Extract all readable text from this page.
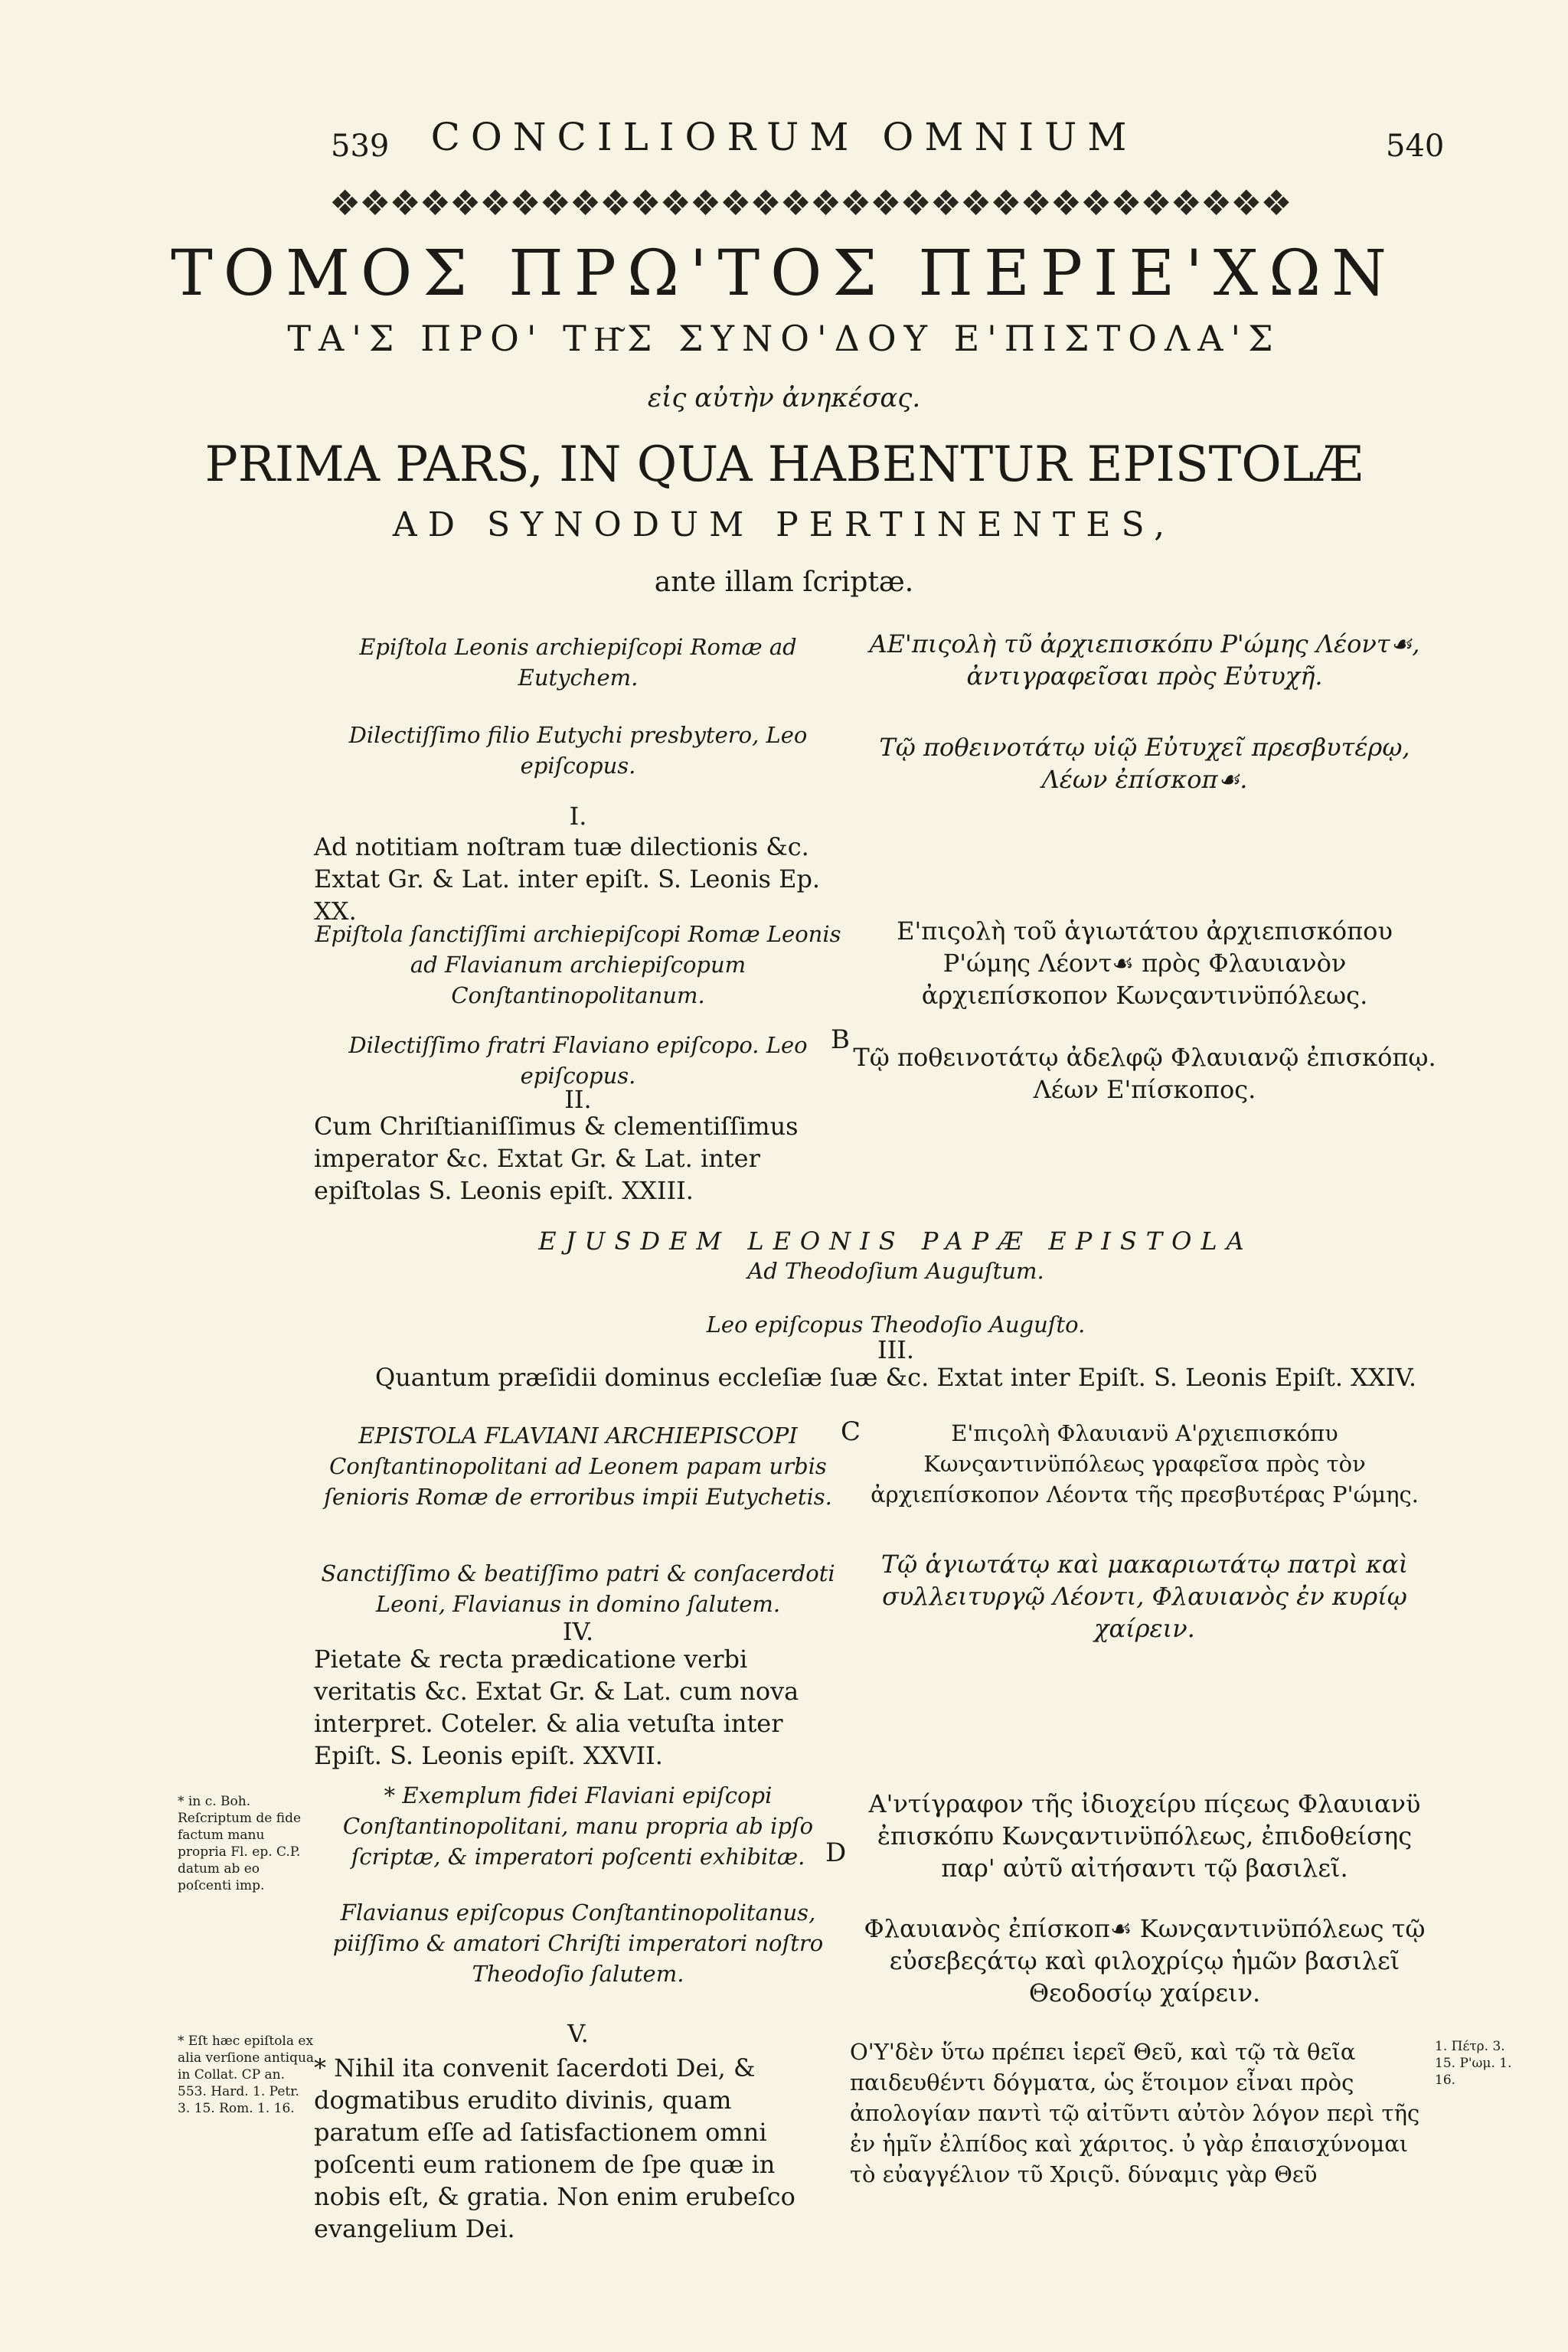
539	CONCILIORUM OMNIUM	540
❖❖❖❖❖❖❖❖❖❖❖❖❖❖❖❖❖❖❖❖❖❖❖❖❖❖❖❖❖❖❖❖
ΤΟΜΟΣ ΠΡΩ'ΤΟΣ ΠΕΡΙΕ'ΧΩΝ
ΤΑ'Σ ΠΡΟ' ΤΗ͂Σ ΣΥΝΟ'ΔΟΥ Ε'ΠΙΣΤΟΛΑ'Σ
εἰς αὐτὴν ἀνηκέσας.
PRIMA PARS, IN QUA HABENTUR EPISTOLÆ
AD SYNODUM PERTINENTES,
ante illam ſcriptæ.
Epiſtola Leonis archiepiſcopi Romæ ad Eutychem.
ΑΕ'πιςολὴ τῦ ἀρχιεπισκόπυ Ρ'ώμης Λέοντ☙, ἀντιγραφεῖσαι πρὸς Εὐτυχῆ.
Dilectiſſimo filio Eutychi presbytero, Leo epiſcopus.
Τῷ ποθεινοτάτῳ υἱῷ Εὐτυχεῖ πρεσβυτέρῳ, Λέων ἐπίσκοπ☙.
I.
Ad notitiam noſtram tuæ dilectionis &c. Extat Gr. & Lat. inter epiſt. S. Leonis Ep. XX.
Epiſtola ſanctiſſimi archiepiſcopi Romæ Leonis ad Flavianum archiepiſcopum Conſtantinopolitanum.
Ε'πιςολὴ τοῦ ἁγιωτάτου ἀρχιεπισκόπου Ρ'ώμης Λέοντ☙ πρὸς Φλαυιανὸν ἀρχιεπίσκοπον Κωνςαντινϋπόλεως.
B
Dilectiſſimo fratri Flaviano epiſcopo. Leo epiſcopus.
Τῷ ποθεινοτάτῳ ἀδελφῷ Φλαυιανῷ ἐπισκόπῳ. Λέων Ε'πίσκοπος.
II.
Cum Chriſtianiſſimus & clementiſſimus imperator &c. Extat Gr. & Lat. inter epiſtolas S. Leonis epiſt. XXIII.
EJUSDEM LEONIS PAPÆ EPISTOLA
Ad Theodoſium Auguſtum.
Leo epiſcopus Theodoſio Auguſto.
III.
Quantum præſidii dominus eccleſiæ ſuæ &c. Extat inter Epiſt. S. Leonis Epiſt. XXIV.
EPISTOLA FLAVIANI ARCHIEPISCOPI Conſtantinopolitani ad Leonem papam urbis ſenioris Romæ de erroribus impii Eutychetis.
C	Ε'πιςολὴ Φλαυιανϋ Α'ρχιεπισκόπυ Κωνςαντινϋπόλεως γραφεῖσα πρὸς τὸν ἀρχιεπίσκοπον Λέοντα τῆς πρεσβυτέρας Ρ'ώμης.
Sanctiſſimo & beatiſſimo patri & conſacerdoti Leoni, Flavianus in domino ſalutem.
Τῷ ἁγιωτάτῳ καὶ μακαριωτάτῳ πατρὶ καὶ συλλειτυργῷ Λέοντι, Φλαυιανὸς ἐν κυρίῳ χαίρειν.
IV.
Pietate & recta prædicatione verbi veritatis &c. Extat Gr. & Lat. cum nova interpret. Coteler. & alia vetuſta inter Epiſt. S. Leonis epiſt. XXVII.
* in c. Boh. Reſcriptum de fide factum manu propria Fl. ep. C.P. datum ab eo poſcenti imp.
* Exemplum fidei Flaviani epiſcopi Conſtantinopolitani, manu propria ab ipſo ſcriptæ, & imperatori poſcenti exhibitæ. D
Α'ντίγραφον τῆς ἰδιοχείρυ πίςεως Φλαυιανϋ ἐπισκόπυ Κωνςαντινϋπόλεως, ἐπιδοθείσης παρ' αὐτῦ αἰτήσαντι τῷ βασιλεῖ.
Flavianus epiſcopus Conſtantinopolitanus, piiſſimo & amatori Chriſti imperatori noſtro Theodoſio ſalutem.
Φλαυιανὸς ἐπίσκοπ☙ Κωνςαντινϋπόλεως τῷ εὐσεβεςάτῳ καὶ φιλοχρίςῳ ἡμῶν βασιλεῖ Θεοδοσίῳ χαίρειν.
V.
* Eſt hæc epiſtola ex alia verſione antiqua in Collat. CP an. 553. Hard. 1. Petr. 3. 15. Rom. 1. 16.
* Nihil ita convenit ſacerdoti Dei, & dogmatibus erudito divinis, quam paratum eſſe ad ſatisfactionem omni poſcenti eum rationem de ſpe quæ in nobis eſt, & gratia. Non enim erubeſco evangelium Dei.
Ο'Υ'δὲν ὕτω πρέπει ἱερεῖ Θεῦ, καὶ τῷ τὰ θεῖα παιδευθέντι δόγματα, ὡς ἕτοιμον εἶναι πρὸς ἀπολογίαν παντὶ τῷ αἰτῦντι αὐτὸν λόγον περὶ τῆς ἐν ἡμῖν ἐλπίδος καὶ χάριτος. ὐ γὰρ ἐπαισχύνομαι τὸ εὐαγγέλιον τῦ Χριςῦ. δύναμις γὰρ Θεῦ
1. Πέτρ. 3. 15. Ρ'ωμ. 1. 16.
